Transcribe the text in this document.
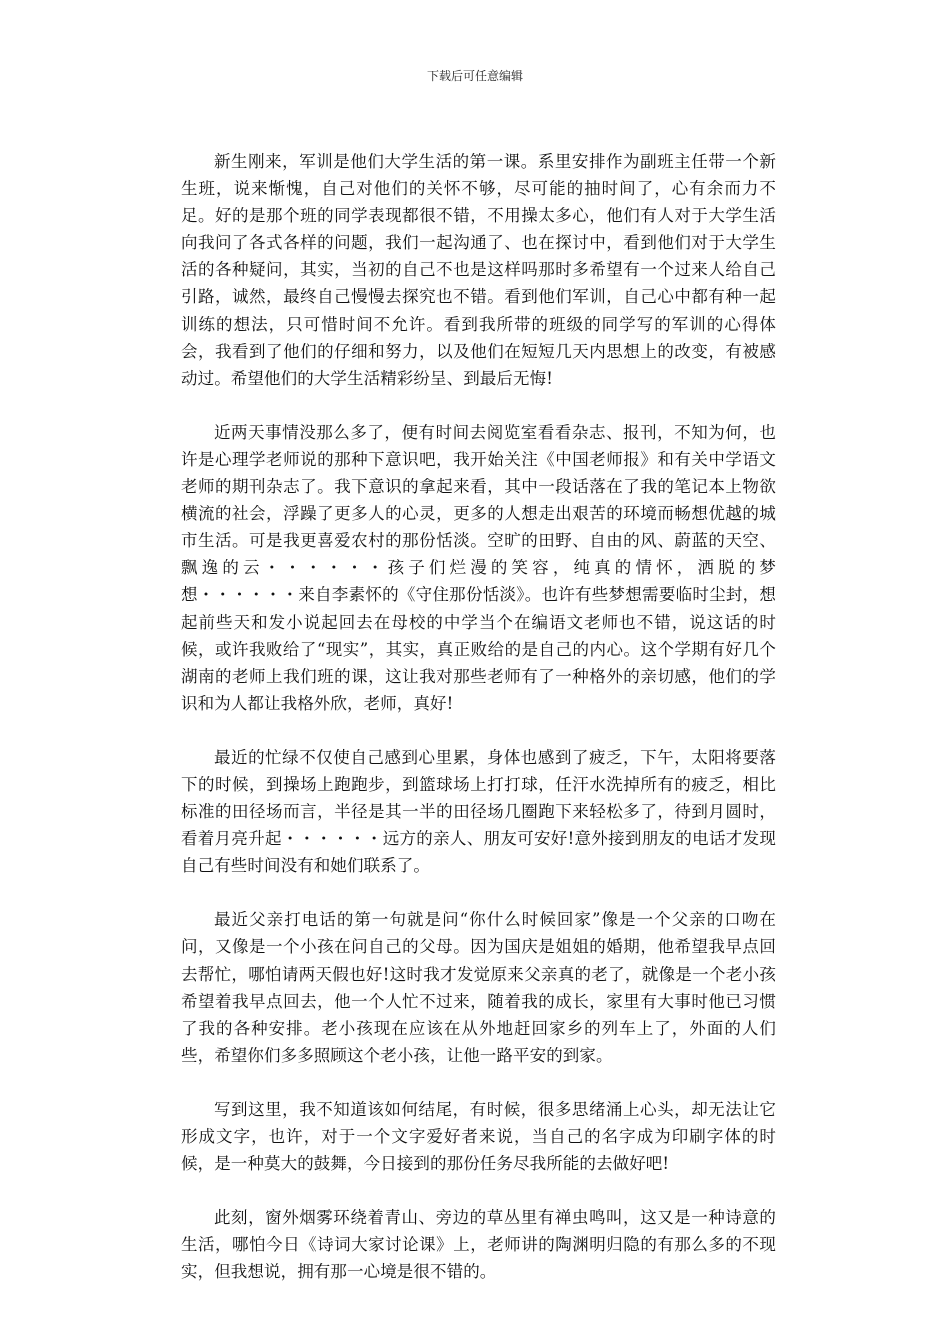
下载后可任意编辑

新生刚来，军训是他们大学生活的第一课。系里安排作为副班主任带一个新生班，说来惭愧，自己对他们的关怀不够，尽可能的抽时间了，心有余而力不足。好的是那个班的同学表现都很不错，不用操太多心，他们有人对于大学生活向我问了各式各样的问题，我们一起沟通了、也在探讨中，看到他们对于大学生活的各种疑问，其实，当初的自己不也是这样吗那时多希望有一个过来人给自己引路，诚然，最终自己慢慢去探究也不错。看到他们军训，自己心中都有种一起训练的想法，只可惜时间不允许。看到我所带的班级的同学写的军训的心得体会，我看到了他们的仔细和努力，以及他们在短短几天内思想上的改变，有被感动过。希望他们的大学生活精彩纷呈、到最后无悔!

近两天事情没那么多了，便有时间去阅览室看看杂志、报刊，不知为何，也许是心理学老师说的那种下意识吧，我开始关注《中国老师报》和有关中学语文老师的期刊杂志了。我下意识的拿起来看，其中一段话落在了我的笔记本上物欲横流的社会，浮躁了更多人的心灵，更多的人想走出艰苦的环境而畅想优越的城市生活。可是我更喜爱农村的那份恬淡。空旷的田野、自由的风、蔚蓝的天空、飘逸的云・・・・・・孩子们烂漫的笑容，纯真的情怀，洒脱的梦想・・・・・・来自李素怀的《守住那份恬淡》。也许有些梦想需要临时尘封，想起前些天和发小说起回去在母校的中学当个在编语文老师也不错，说这话的时候，或许我败给了“现实”，其实，真正败给的是自己的内心。这个学期有好几个湖南的老师上我们班的课，这让我对那些老师有了一种格外的亲切感，他们的学识和为人都让我格外欣，老师，真好!

最近的忙绿不仅使自己感到心里累，身体也感到了疲乏，下午，太阳将要落下的时候，到操场上跑跑步，到篮球场上打打球，任汗水洗掉所有的疲乏，相比标准的田径场而言，半径是其一半的田径场几圈跑下来轻松多了，待到月圆时，看着月亮升起・・・・・・远方的亲人、朋友可安好!意外接到朋友的电话才发现自己有些时间没有和她们联系了。

最近父亲打电话的第一句就是问“你什么时候回家”像是一个父亲的口吻在问，又像是一个小孩在问自己的父母。因为国庆是姐姐的婚期，他希望我早点回去帮忙，哪怕请两天假也好!这时我才发觉原来父亲真的老了，就像是一个老小孩希望着我早点回去，他一个人忙不过来，随着我的成长，家里有大事时他已习惯了我的各种安排。老小孩现在应该在从外地赶回家乡的列车上了，外面的人们些，希望你们多多照顾这个老小孩，让他一路平安的到家。

写到这里，我不知道该如何结尾，有时候，很多思绪涌上心头，却无法让它形成文字，也许，对于一个文字爱好者来说，当自己的名字成为印刷字体的时候，是一种莫大的鼓舞，今日接到的那份任务尽我所能的去做好吧!

此刻，窗外烟雾环绕着青山、旁边的草丛里有禅虫鸣叫，这又是一种诗意的生活，哪怕今日《诗词大家讨论课》上，老师讲的陶渊明归隐的有那么多的不现实，但我想说，拥有那一心境是很不错的。
